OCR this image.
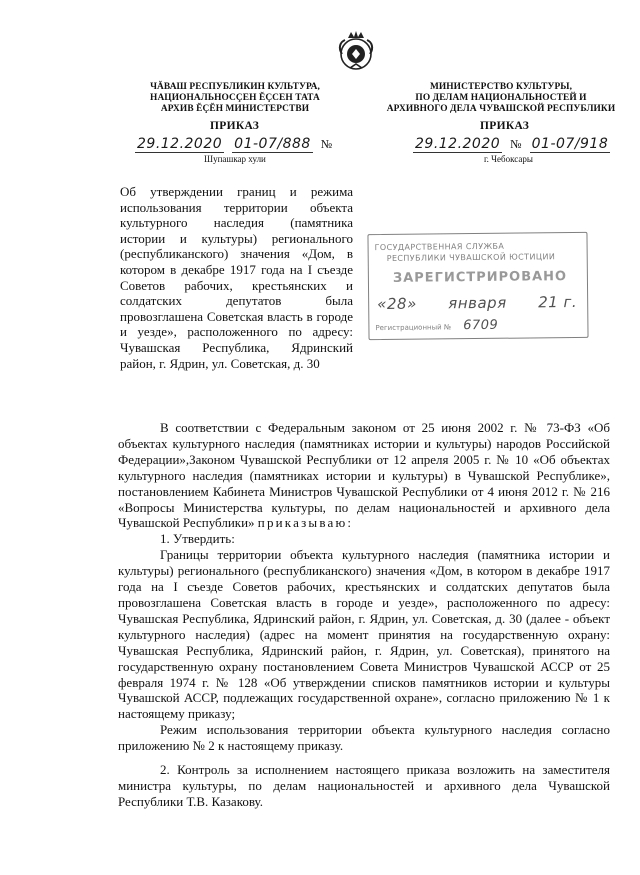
ЧĂВАШ РЕСПУБЛИКИН КУЛЬТУРА,
НАЦИОНАЛЬНОСÇЕН ĔÇСЕН ТАТА
АРХИВ ĔÇĔН МИНИСТЕРСТВИ
МИНИСТЕРСТВО КУЛЬТУРЫ,
ПО ДЕЛАМ НАЦИОНАЛЬНОСТЕЙ И
АРХИВНОГО ДЕЛА ЧУВАШСКОЙ РЕСПУБЛИКИ
ПРИКАЗ	ПРИКАЗ
29.12.2020 01-07/888 №	29.12.2020 № 01-07/918
Шупашкар хули	г. Чебоксары

Об утверждении границ и режима использования территории объекта культурного наследия (памятника истории и культуры) регионального (республиканского) значения «Дом, в котором в декабре 1917 года на I съезде Советов рабочих, крестьянских и солдатских депутатов была провозглашена Советская власть в городе и уезде», расположенного по адресу: Чувашская Республика, Ядринский район, г. Ядрин, ул. Советская, д. 30

ГОСУДАРСТВЕННАЯ СЛУЖБА
РЕСПУБЛИКИ ЧУВАШСКОЙ ЮСТИЦИИ
ЗАРЕГИСТРИРОВАНО
«28» января 21 г.
Регистрационный № 6709

В соответствии с Федеральным законом от 25 июня 2002 г. № 73-ФЗ «Об объектах культурного наследия (памятниках истории и культуры) народов Российской Федерации»,Законом Чувашской Республики от 12 апреля 2005 г. № 10 «Об объектах культурного наследия (памятниках истории и культуры) в Чувашской Республике», постановлением Кабинета Министров Чувашской Республики от 4 июня 2012 г. № 216 «Вопросы Министерства культуры, по делам национальностей и архивного дела Чувашской Республики» приказываю:

1. Утвердить:

Границы территории объекта культурного наследия (памятника истории и культуры) регионального (республиканского) значения «Дом, в котором в декабре 1917 года на I съезде Советов рабочих, крестьянских и солдатских депутатов была провозглашена Советская власть в городе и уезде», расположенного по адресу: Чувашская Республика, Ядринский район, г. Ядрин, ул. Советская, д. 30 (далее - объект культурного наследия) (адрес на момент принятия на государственную охрану: Чувашская Республика, Ядринский район, г. Ядрин, ул. Советская), принятого на государственную охрану постановлением Совета Министров Чувашской АССР от 25 февраля 1974 г. № 128 «Об утверждении списков памятников истории и культуры Чувашской АССР, подлежащих государственной охране», согласно приложению № 1 к настоящему приказу;

Режим использования территории объекта культурного наследия согласно приложению № 2 к настоящему приказу.

2. Контроль за исполнением настоящего приказа возложить на заместителя министра культуры, по делам национальностей и архивного дела Чувашской Республики Т.В. Казакову.
